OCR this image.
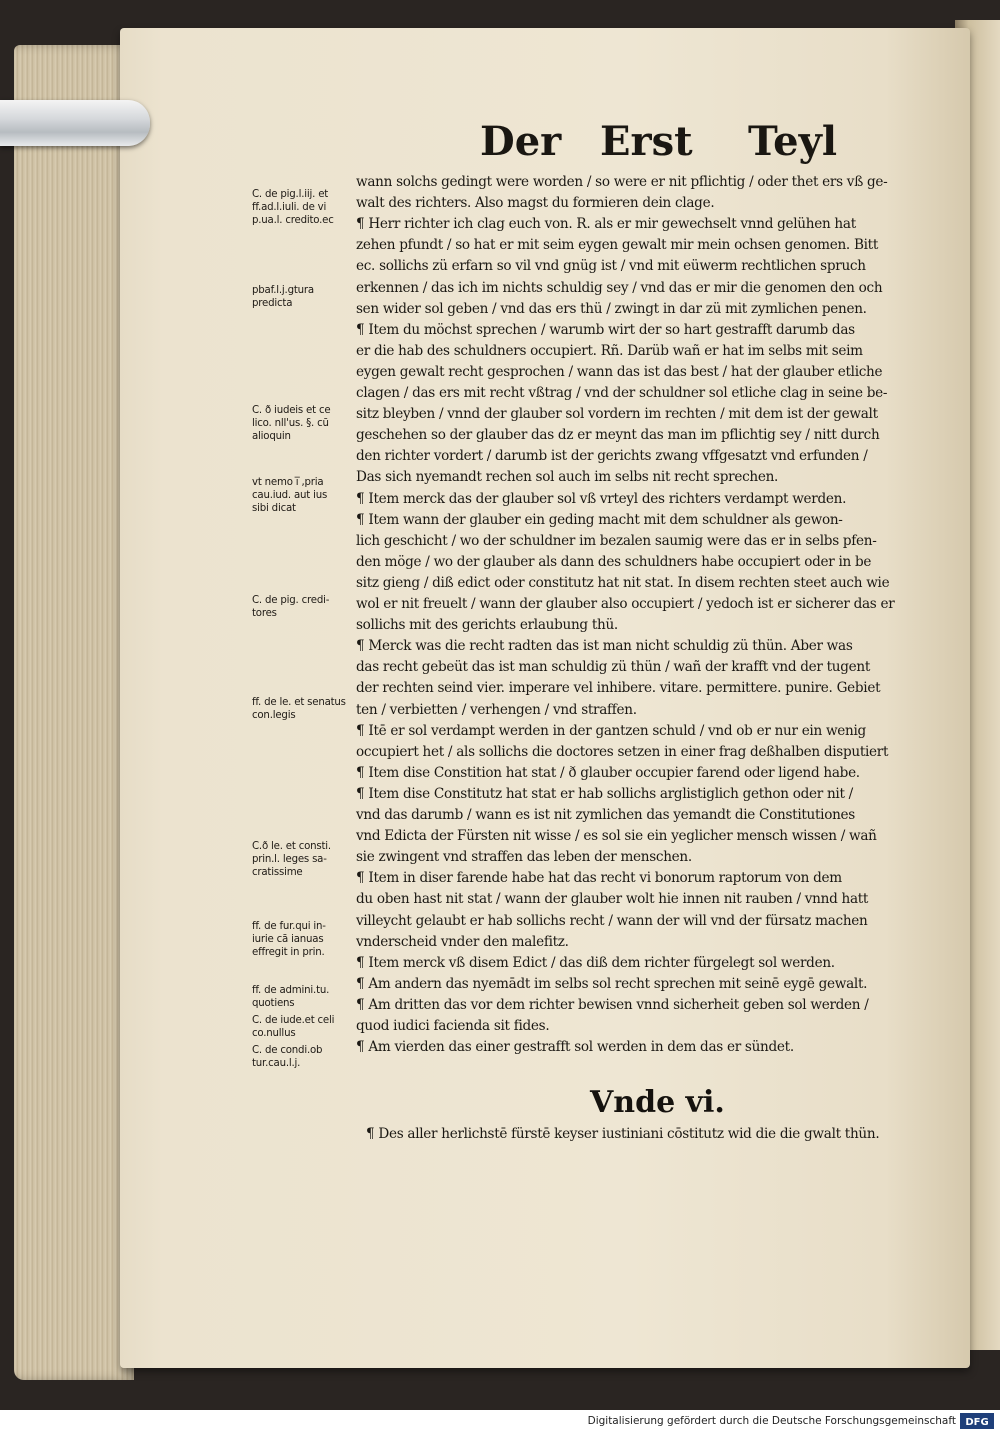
Der Erst Teyl
C. de pig.l.iij. et
ff.ad.l.iuli. de vi
p.ua.l. credito.ec
pbaf.l.j.gtura
predicta
C. ð iudeis et ce
lico. nll'us. §. cū
alioquin
vt nemo i̅ ,pria
cau.iud. aut ius
sibi dicat
C. de pig. credi-
tores
ff. de le. et senatus
con.legis
C.ð le. et consti.
prin.l. leges sa-
cratissime
ff. de fur.qui in-
iurie cā ianuas
effregit in prin.
ff. de admini.tu.
quotiens
C. de iude.et celi
co.nullus
C. de condi.ob
tur.cau.l.j.
wann solchs gedingt were worden / so were er nit pflichtig / oder thet ers vß ge-
walt des richters. Also magst du formieren dein clage.
¶ Herr richter ich clag euch von. R. als er mir gewechselt vnnd gelühen hat
zehen pfundt / so hat er mit seim eygen gewalt mir mein ochsen genomen. Bitt
ec. sollichs zü erfarn so vil vnd gnüg ist / vnd mit eüwerm rechtlichen spruch
erkennen / das ich im nichts schuldig sey / vnd das er mir die genomen den och
sen wider sol geben / vnd das ers thü / zwingt in dar zü mit zymlichen penen.
¶ Item du möchst sprechen / warumb wirt der so hart gestrafft darumb das
er die hab des schuldners occupiert. Rñ. Darüb wañ er hat im selbs mit seim
eygen gewalt recht gesprochen / wann das ist das best / hat der glauber etliche
clagen / das ers mit recht vßtrag / vnd der schuldner sol etliche clag in seine be-
sitz bleyben / vnnd der glauber sol vordern im rechten / mit dem ist der gewalt
geschehen so der glauber das dz er meynt das man im pflichtig sey / nitt durch
den richter vordert / darumb ist der gerichts zwang vffgesatzt vnd erfunden /
Das sich nyemandt rechen sol auch im selbs nit recht sprechen.
¶ Item merck das der glauber sol vß vrteyl des richters verdampt werden.
¶ Item wann der glauber ein geding macht mit dem schuldner als gewon-
lich geschicht / wo der schuldner im bezalen saumig were das er in selbs pfen-
den möge / wo der glauber als dann des schuldners habe occupiert oder in be
sitz gieng / diß edict oder constitutz hat nit stat. In disem rechten steet auch wie
wol er nit freuelt / wann der glauber also occupiert / yedoch ist er sicherer das er
sollichs mit des gerichts erlaubung thü.
¶ Merck was die recht radten das ist man nicht schuldig zü thün. Aber was
das recht gebeüt das ist man schuldig zü thün / wañ der krafft vnd der tugent
der rechten seind vier. imperare vel inhibere. vitare. permittere. punire. Gebiet
ten / verbietten / verhengen / vnd straffen.
¶ Itē er sol verdampt werden in der gantzen schuld / vnd ob er nur ein wenig
occupiert het / als sollichs die doctores setzen in einer frag deßhalben disputiert
¶ Item dise Constition hat stat / ð glauber occupier farend oder ligend habe.
¶ Item dise Constitutz hat stat er hab sollichs arglistiglich gethon oder nit /
vnd das darumb / wann es ist nit zymlichen das yemandt die Constitutiones
vnd Edicta der Fürsten nit wisse / es sol sie ein yeglicher mensch wissen / wañ
sie zwingent vnd straffen das leben der menschen.
¶ Item in diser farende habe hat das recht vi bonorum raptorum von dem
du oben hast nit stat / wann der glauber wolt hie innen nit rauben / vnnd hatt
villeycht gelaubt er hab sollichs recht / wann der will vnd der fürsatz machen
vnderscheid vnder den malefitz.
¶ Item merck vß disem Edict / das diß dem richter fürgelegt sol werden.
¶ Am andern das nyemādt im selbs sol recht sprechen mit seinē eygē gewalt.
¶ Am dritten das vor dem richter bewisen vnnd sicherheit geben sol werden /
quod iudici facienda sit fides.
¶ Am vierden das einer gestrafft sol werden in dem das er sündet.
Vnde vi.
¶ Des aller herlichstē fürstē keyser iustiniani cōstitutz wid die die gwalt thün.
Digitalisierung gefördert durch die Deutsche Forschungsgemeinschaft DFG
